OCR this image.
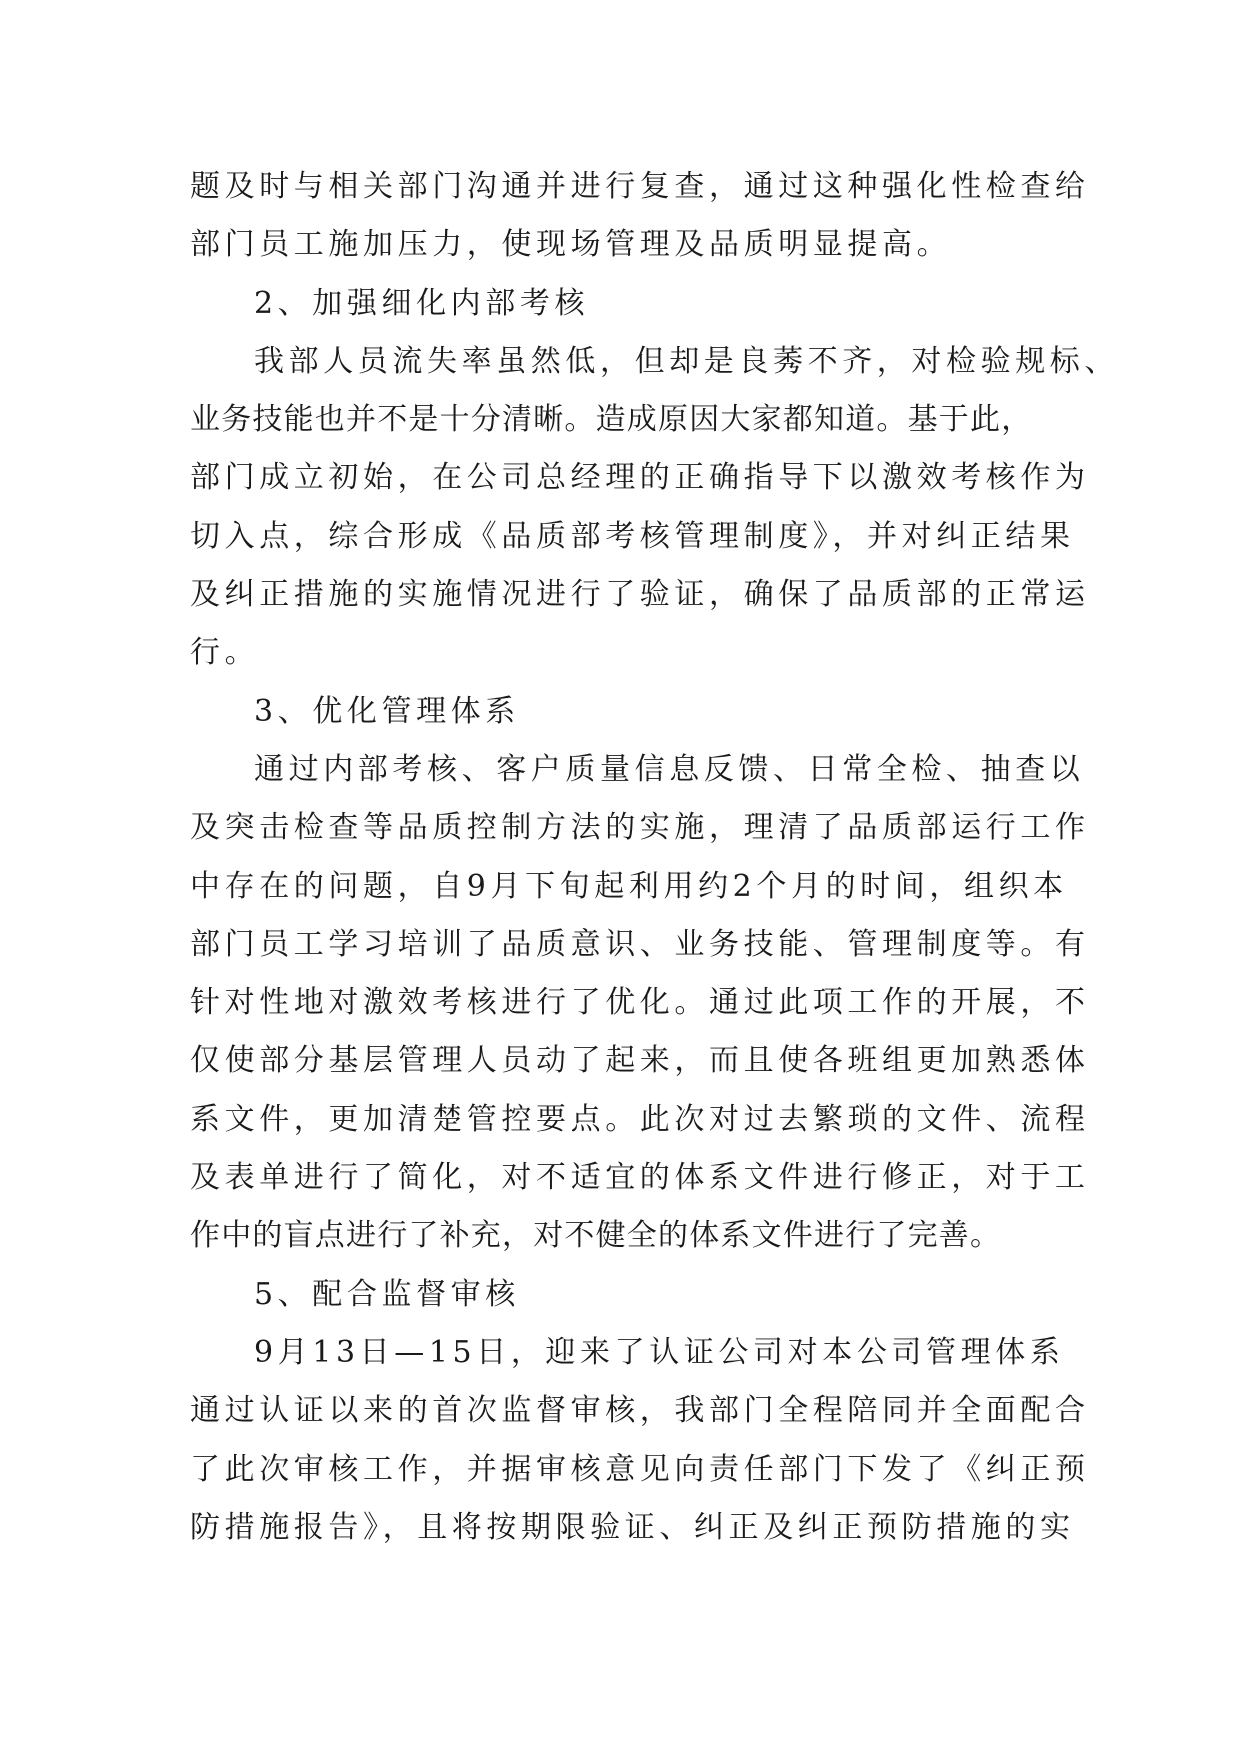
题及时与相关部门沟通并进行复查，通过这种强化性检查给
部门员工施加压力，使现场管理及品质明显提高。
2、加强细化内部考核
我部人员流失率虽然低，但却是良莠不齐，对检验规标、
业务技能也并不是十分清晰。造成原因大家都知道。基于此，
部门成立初始，在公司总经理的正确指导下以激效考核作为
切入点，综合形成《品质部考核管理制度》，并对纠正结果
及纠正措施的实施情况进行了验证，确保了品质部的正常运
行。
3、优化管理体系
通过内部考核、客户质量信息反馈、日常全检、抽查以
及突击检查等品质控制方法的实施，理清了品质部运行工作
中存在的问题，自9月下旬起利用约2个月的时间，组织本
部门员工学习培训了品质意识、业务技能、管理制度等。有
针对性地对激效考核进行了优化。通过此项工作的开展，不
仅使部分基层管理人员动了起来，而且使各班组更加熟悉体
系文件，更加清楚管控要点。此次对过去繁琐的文件、流程
及表单进行了简化，对不适宜的体系文件进行修正，对于工
作中的盲点进行了补充，对不健全的体系文件进行了完善。
5、配合监督审核
9月13日—15日，迎来了认证公司对本公司管理体系
通过认证以来的首次监督审核，我部门全程陪同并全面配合
了此次审核工作，并据审核意见向责任部门下发了《纠正预
防措施报告》，且将按期限验证、纠正及纠正预防措施的实
